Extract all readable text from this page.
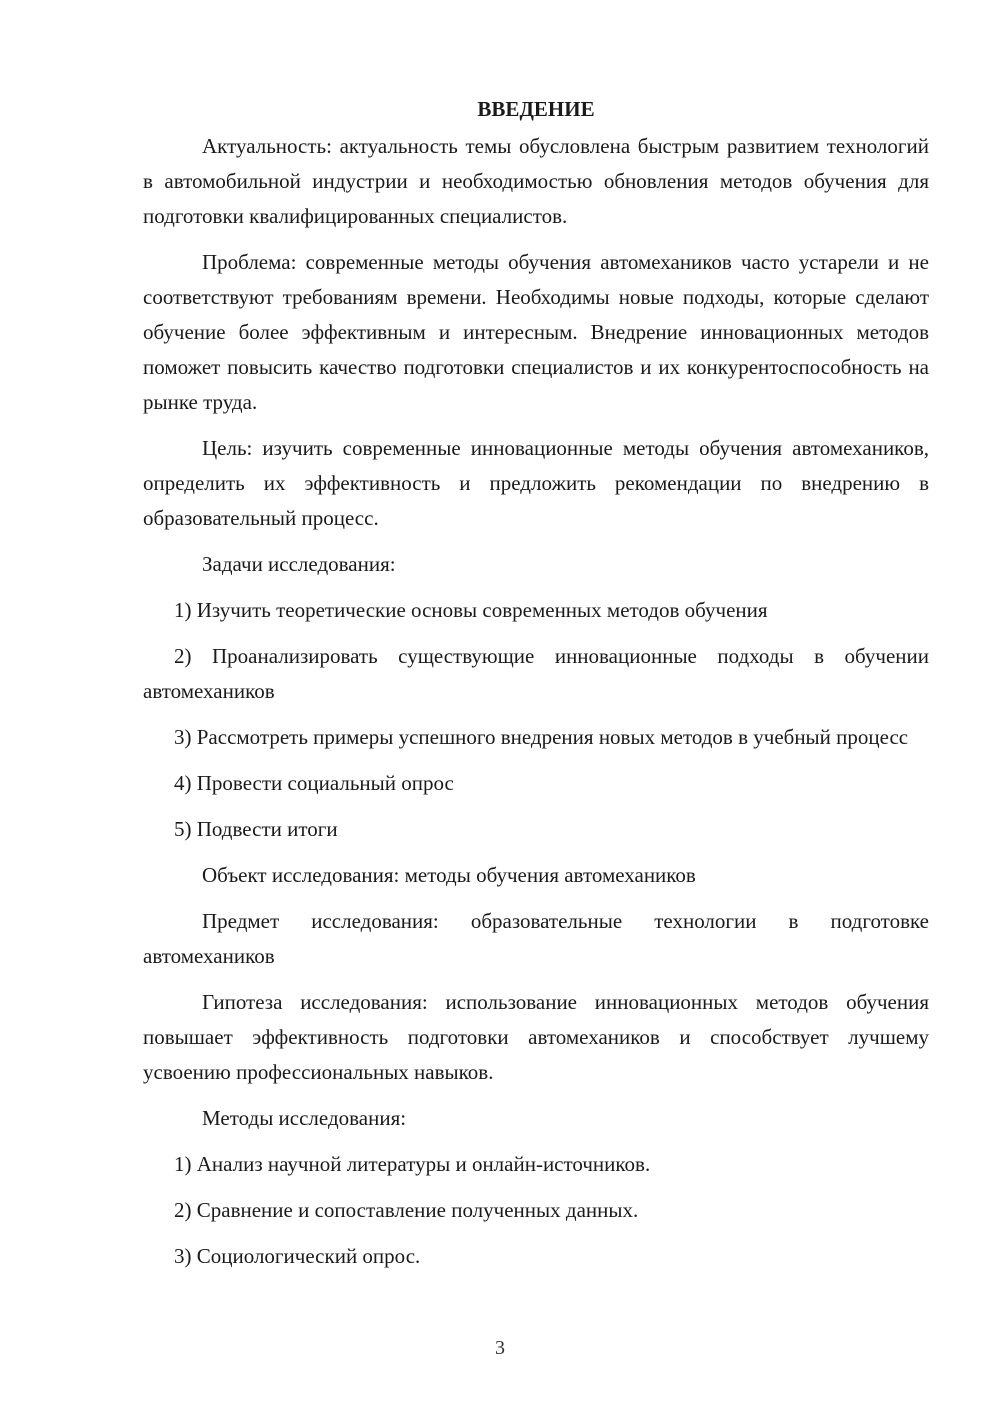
ВВЕДЕНИЕ

Актуальность: актуальность темы обусловлена быстрым развитием технологий в автомобильной индустрии и необходимостью обновления методов обучения для подготовки квалифицированных специалистов.

Проблема: современные методы обучения автомехаников часто устарели и не соответствуют требованиям времени. Необходимы новые подходы, которые сделают обучение более эффективным и интересным. Внедрение инновационных методов поможет повысить качество подготовки специалистов и их конкурентоспособность на рынке труда.

Цель: изучить современные инновационные методы обучения автомехаников, определить их эффективность и предложить рекомендации по внедрению в образовательный процесс.

Задачи исследования:

1) Изучить теоретические основы современных методов обучения

2) Проанализировать существующие инновационные подходы в обучении автомехаников

3) Рассмотреть примеры успешного внедрения новых методов в учебный процесс

4) Провести социальный опрос

5) Подвести итоги

Объект исследования: методы обучения автомехаников

Предмет исследования: образовательные технологии в подготовке автомехаников

Гипотеза исследования: использование инновационных методов обучения повышает эффективность подготовки автомехаников и способствует лучшему усвоению профессиональных навыков.

Методы исследования:

1) Анализ научной литературы и онлайн-источников.

2) Сравнение и сопоставление полученных данных.

3) Социологический опрос.

3
